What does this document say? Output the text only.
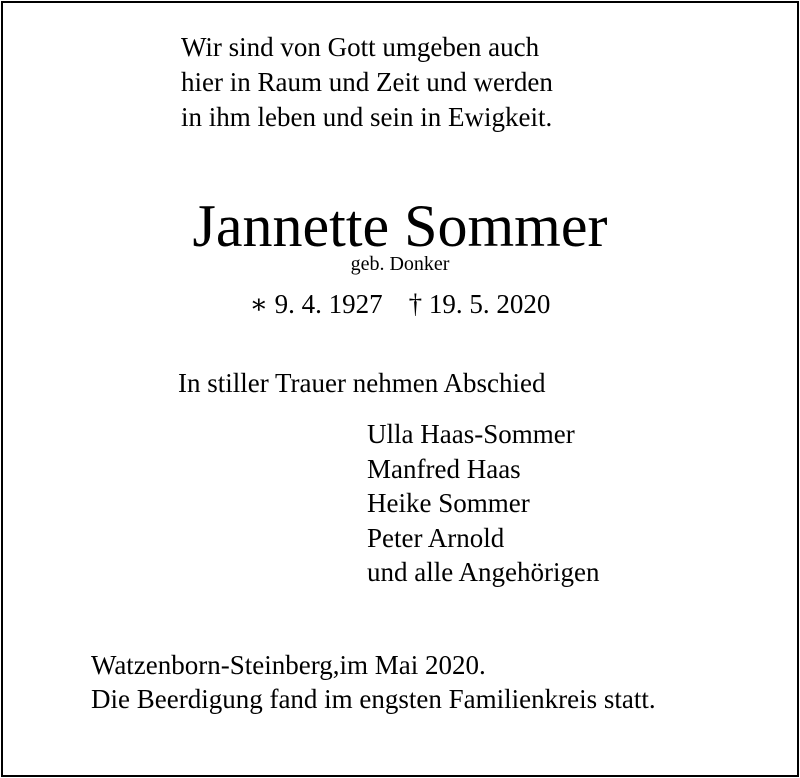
Wir sind von Gott umgeben auch
hier in Raum und Zeit und werden
in ihm leben und sein in Ewigkeit.
Jannette Sommer
geb. Donker
∗ 9. 4. 1927 † 19. 5. 2020
In stiller Trauer nehmen Abschied
Ulla Haas-Sommer
Manfred Haas
Heike Sommer
Peter Arnold
und alle Angehörigen
Watzenborn-Steinberg,im Mai 2020.
Die Beerdigung fand im engsten Familienkreis statt.
